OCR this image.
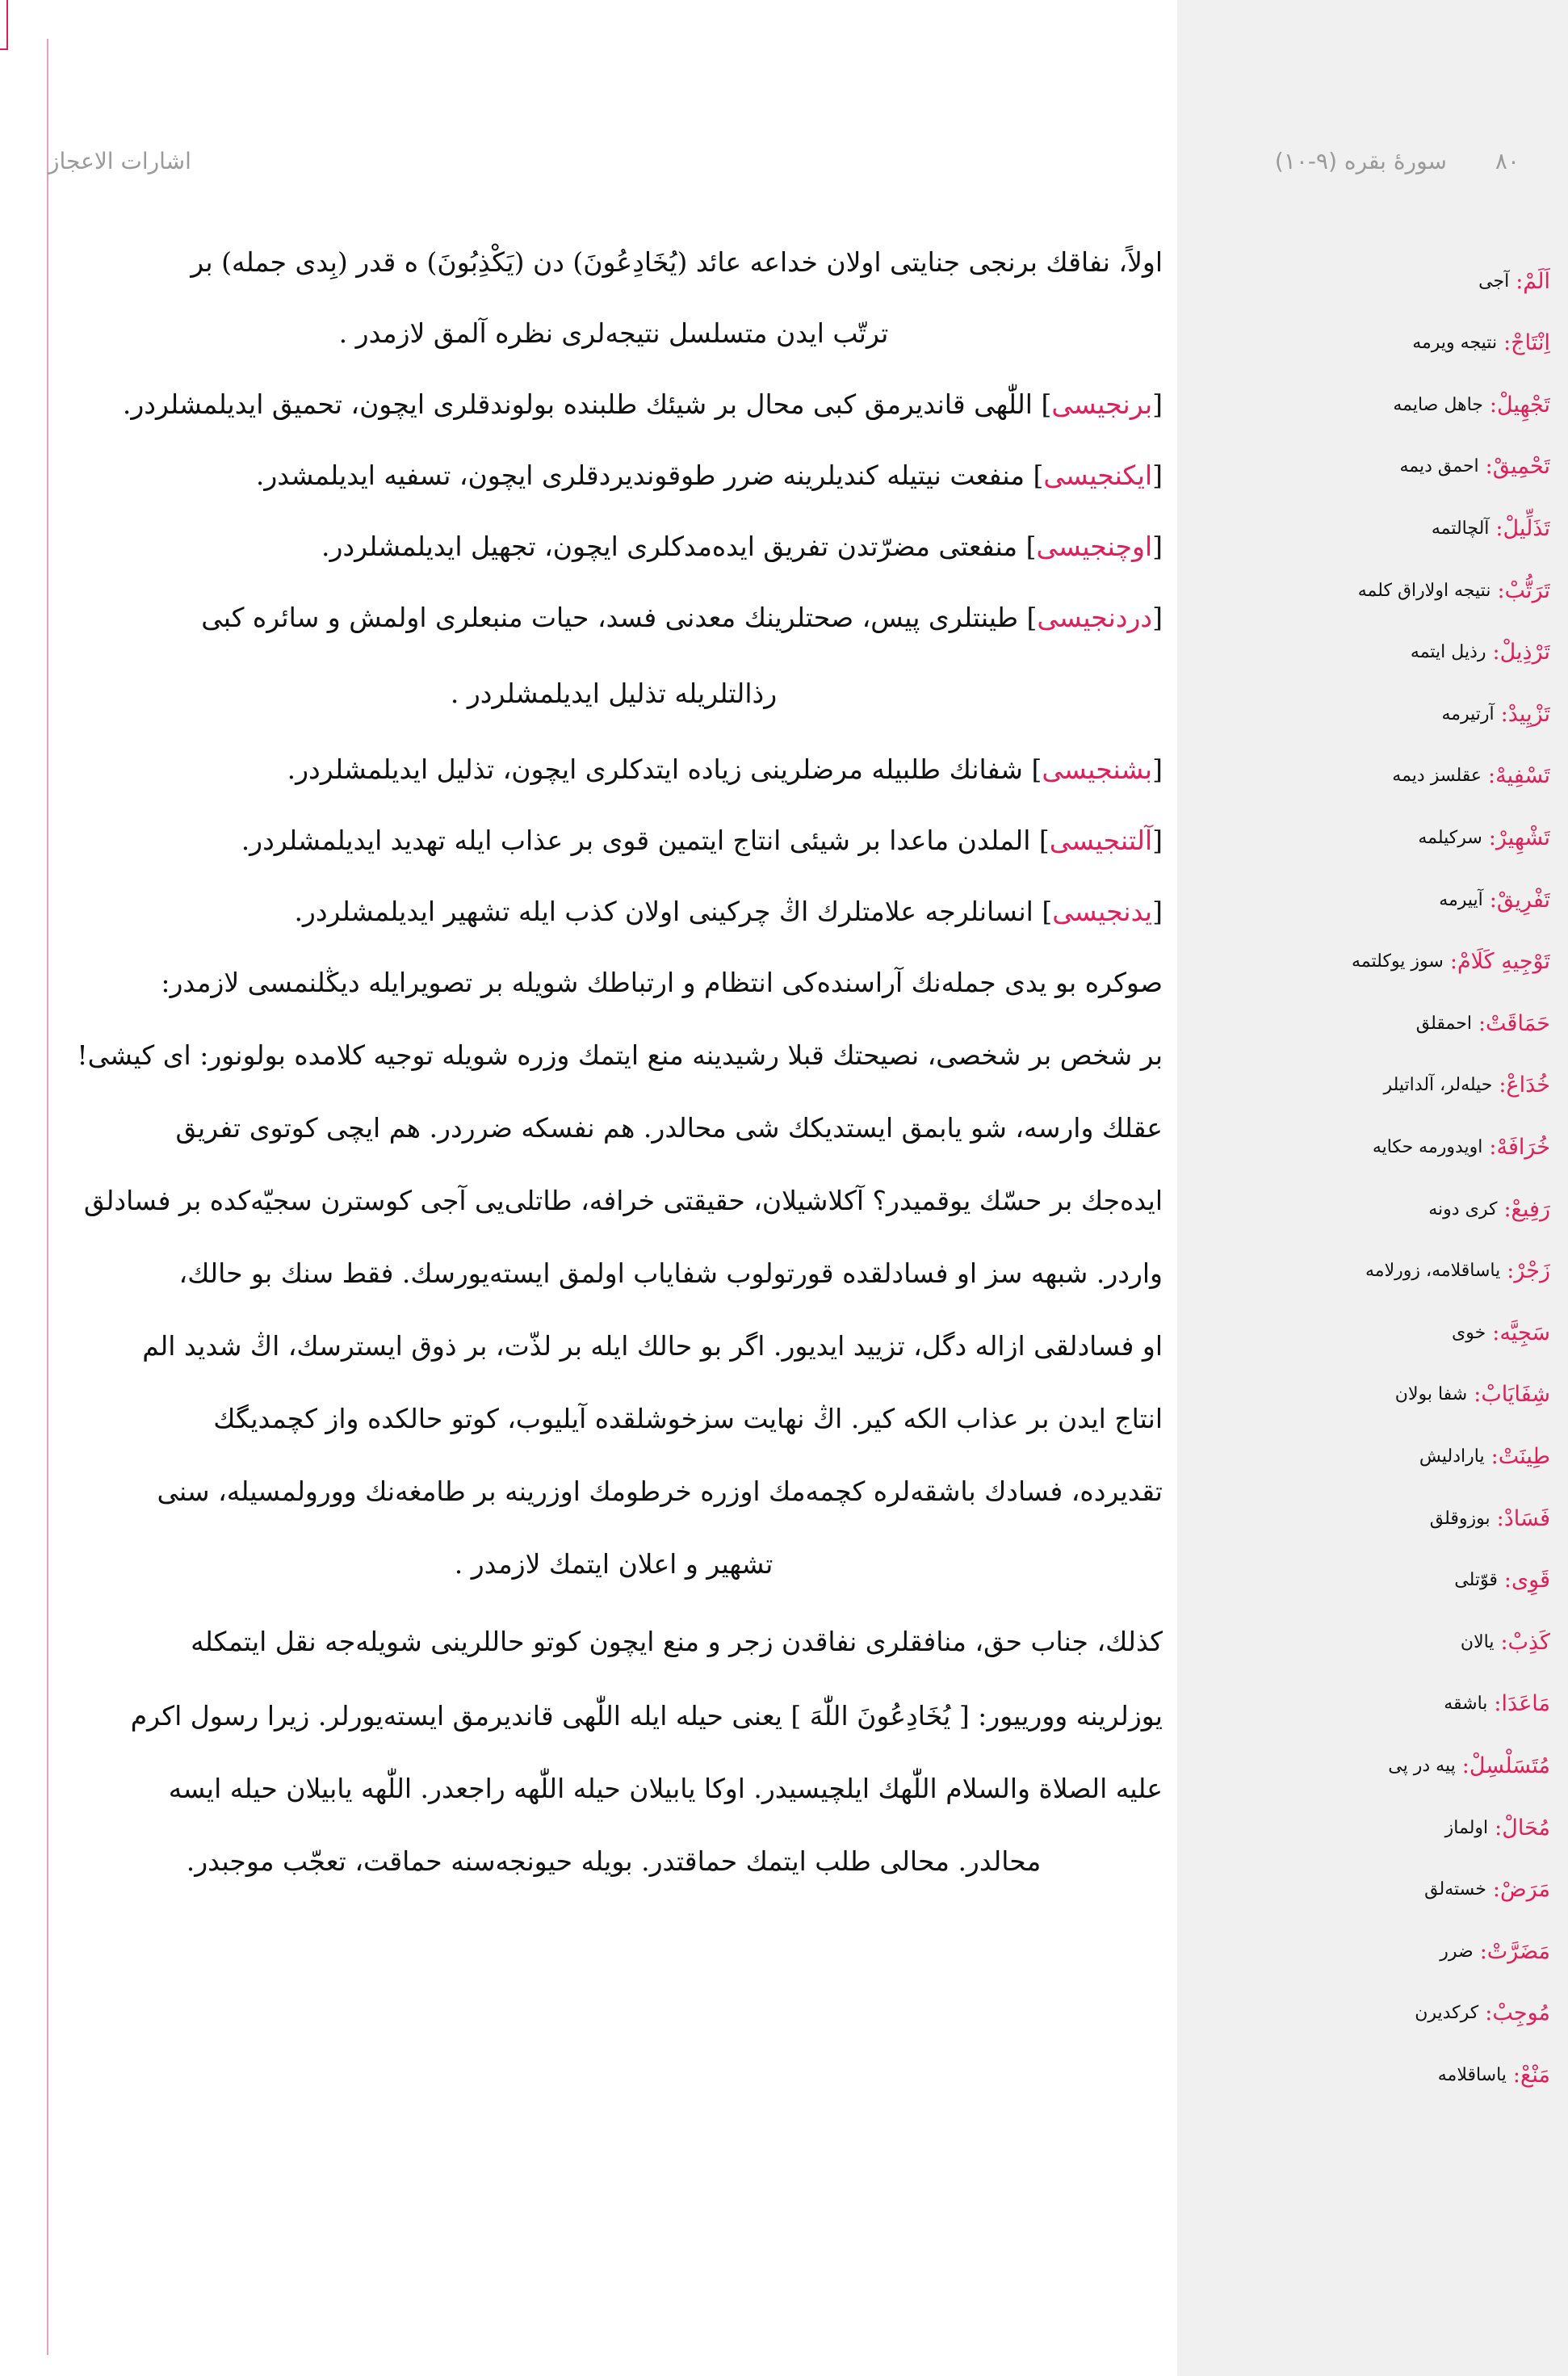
اشارات الاعجاز	٨٠
سورهٔ بقره (٩-١٠)
اَلَمْ:
آجى
اِنْتَاجْ:
نتيجه ويرمه
تَجْهِيلْ:
جاهل صايمه
تَحْمِيقْ:
احمق ديمه
تَذَلِّيلْ:
آلچالتمه
تَرَتُّبْ:
نتيجه اولاراق كلمه
تَرْذِيلْ:
رذيل ايتمه
تَزْيِيدْ:
آرتيرمه
تَسْفِيهْ:
عقلسز ديمه
تَشْهِيرْ:
سركيلمه
تَفْرِيقْ:
آييرمه
تَوْجِيهِ كَلَامْ:
سوز يوكلتمه
حَمَاقَتْ:
احمقلق
خُدَاعْ:
حيله‌لر، آلداتيلر
خُرَافَهْ:
اويدورمه حكايه
رَفِيعْ:
كرى دونه
زَجْرْ:
ياساقلامه، زورلامه
سَجِيَّه:
خوى
شِفَايَابْ:
شفا بولان
طِينَتْ:
يارادليش
فَسَادْ:
بوزوقلق
قَوِى:
قوّتلى
كَذِبْ:
يالان
مَاعَدَا:
باشقه
مُتَسَلْسِلْ:
پيه در پى
مُحَالْ:
اولماز
مَرَضْ:
خسته‌لق
مَضَرَّتْ:
ضرر
مُوجِبْ:
كركديرن
مَنْعْ:
ياساقلامه
اولاً، نفاقك برنجى جنايتى اولان خداعه عائد (يُخَادِعُونَ) دن (يَكْذِبُونَ) ه قدر (بِدى جمله) بر
ترتّب ايدن متسلسل نتيجه‌لرى نظره آلمق لازمدر .
[
برنجيسى
] اللّٰهى قانديرمق كبى محال بر شيئك طلبنده بولوندقلرى ايچون، تحميق ايديلمشلردر.
[
ايكنجيسى
] منفعت نيتيله كنديلرينه ضرر طوقونديردقلرى ايچون، تسفيه ايديلمشدر.
[
اوچنجيسى
] منفعتى مضرّتدن تفريق ايده‌مدكلرى ايچون، تجهيل ايديلمشلردر.
[
دردنجيسى
] طينتلرى پيس، صحتلرينك معدنى فسد، حيات منبعلرى اولمش و سائره كبى
رذالتلريله تذليل ايديلمشلردر .
[
بشنجيسى
] شفانك طلبيله مرضلرينى زياده ايتدكلرى ايچون، تذليل ايديلمشلردر.
[
آلتنجيسى
] الملدن ماعدا بر شيئى انتاج ايتمين قوى بر عذاب ايله تهديد ايديلمشلردر.
[
يدنجيسى
] انسانلرجه علامتلرك اڭ چركينى اولان كذب ايله تشهير ايديلمشلردر.
صوكره بو يدى جمله‌نك آراسنده‌كى انتظام و ارتباطك شويله بر تصويرايله ديڭلنمسى لازمدر:
بر شخص بر شخصى، نصيحتك قبلا رشيدينه منع ايتمك وزره شويله توجيه كلامده بولونور: اى كيشى!
عقلك وارسه، شو يابمق ايستديكك شى محالدر. هم نفسكه ضرردر. هم ايچى كوتوى تفريق
ايده‌جك بر حسّك يوقميدر؟ آكلاشيلان، حقيقتى خرافه، طاتلى‌يى آجى كوسترن سجيّه‌كده بر فسادلق
واردر. شبهه سز او فسادلقده قورتولوب شفاياب اولمق ايسته‌يورسك. فقط سنك بو حالك،
او فسادلقى ازاله دگل، تزييد ايديور. اگر بو حالك ايله بر لذّت، بر ذوق ايسترسك، اڭ شديد الم
انتاج ايدن بر عذاب الكه كير. اڭ نهايت سزخوشلقده آيليوب، كوتو حالكده واز كچمديگك
تقديرده، فسادك باشقه‌لره كچمه‌مك اوزره خرطومك اوزرينه بر طامغه‌نك وورولمسيله، سنى
تشهير و اعلان ايتمك لازمدر .
كذلك، جناب حق، منافقلرى نفاقدن زجر و منع ايچون كوتو حاللرينى شويله‌جه نقل ايتمكله
يوزلرينه وورييور: [ يُخَادِعُونَ اللّٰهَ ] يعنى حيله ايله اللّٰهى قانديرمق ايسته‌يورلر. زيرا رسول اكرم
عليه الصلاة والسلام اللّٰهك ايلچيسيدر. اوكا يابيلان حيله اللّٰهه راجعدر. اللّٰهه يابيلان حيله ايسه
محالدر. محالى طلب ايتمك حماقتدر. بويله حيونجه‌سنه حماقت، تعجّب موجبدر.
